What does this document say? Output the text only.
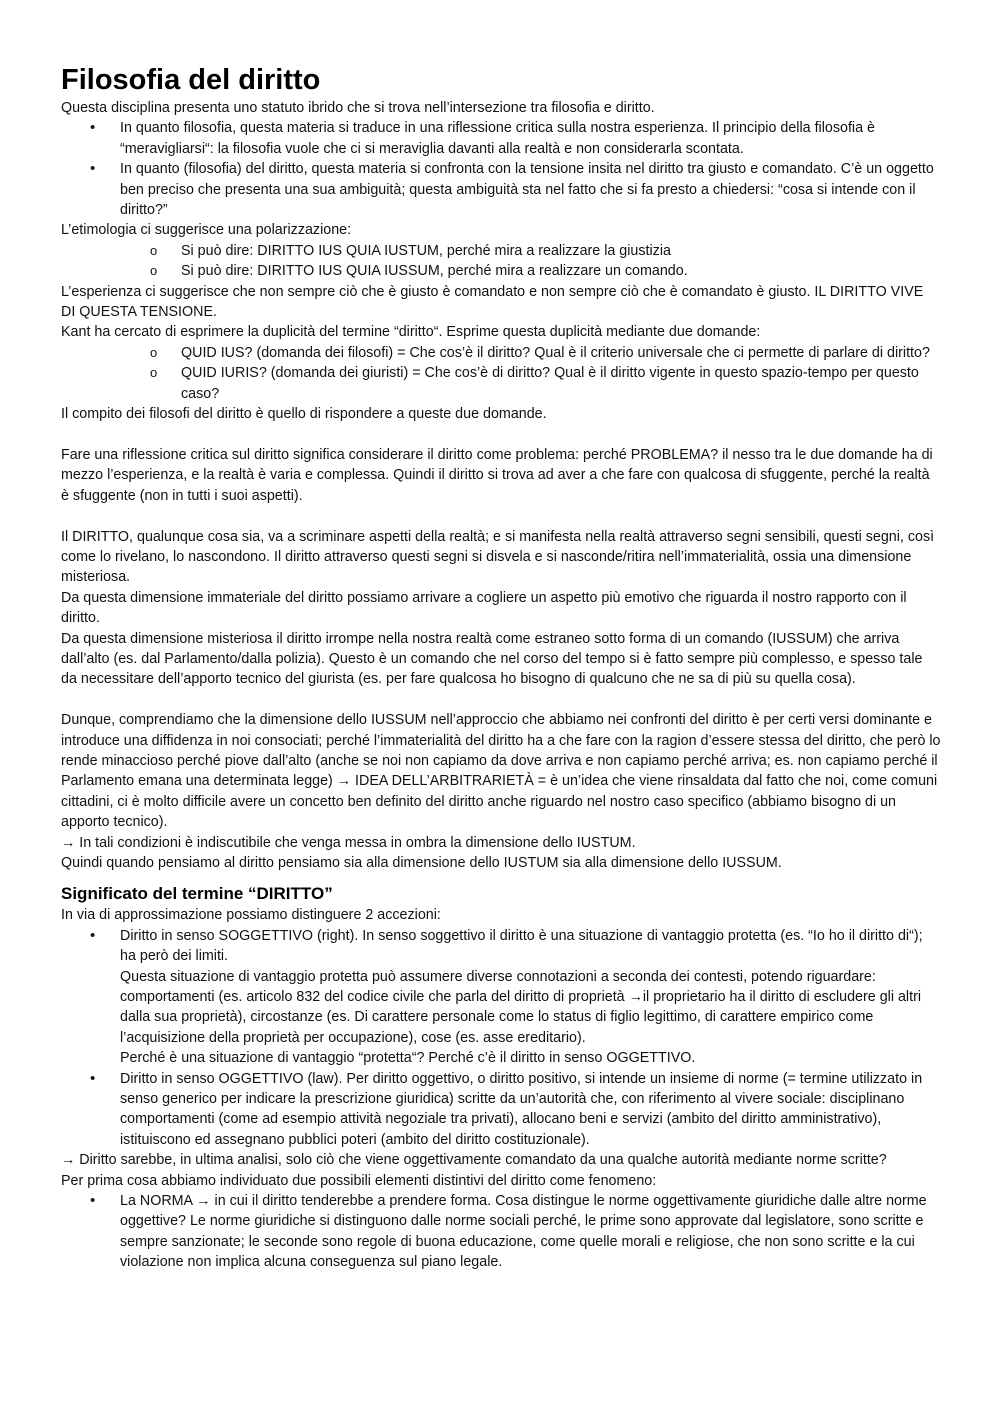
Filosofia del diritto

Questa disciplina presenta uno statuto ibrido che si trova nell’intersezione tra filosofia e diritto.

• In quanto filosofia, questa materia si traduce in una riflessione critica sulla nostra esperienza. Il principio della filosofia è “meravigliarsi“: la filosofia vuole che ci si meraviglia davanti alla realtà e non considerarla scontata.
• In quanto (filosofia) del diritto, questa materia si confronta con la tensione insita nel diritto tra giusto e comandato. C’è un oggetto ben preciso che presenta una sua ambiguità; questa ambiguità sta nel fatto che si fa presto a chiedersi: “cosa si intende con il diritto?”

L’etimologia ci suggerisce una polarizzazione:

o Si può dire: DIRITTO IUS QUIA IUSTUM, perché mira a realizzare la giustizia
o Si può dire: DIRITTO IUS QUIA IUSSUM, perché mira a realizzare un comando.

L’esperienza ci suggerisce che non sempre ciò che è giusto è comandato e non sempre ciò che è comandato è giusto. IL DIRITTO VIVE DI QUESTA TENSIONE.

Kant ha cercato di esprimere la duplicità del termine “diritto“. Esprime questa duplicità mediante due domande:

o QUID IUS? (domanda dei filosofi) = Che cos’è il diritto? Qual è il criterio universale che ci permette di parlare di diritto?
o QUID IURIS? (domanda dei giuristi) = Che cos’è di diritto? Qual è il diritto vigente in questo spazio-tempo per questo caso?

Il compito dei filosofi del diritto è quello di rispondere a queste due domande.

Fare una riflessione critica sul diritto significa considerare il diritto come problema: perché PROBLEMA? il nesso tra le due domande ha di mezzo l’esperienza, e la realtà è varia e complessa. Quindi il diritto si trova ad aver a che fare con qualcosa di sfuggente, perché la realtà è sfuggente (non in tutti i suoi aspetti).

Il DIRITTO, qualunque cosa sia, va a scriminare aspetti della realtà; e si manifesta nella realtà attraverso segni sensibili, questi segni, così come lo rivelano, lo nascondono. Il diritto attraverso questi segni si disvela e si nasconde/ritira nell’immaterialità, ossia una dimensione misteriosa.

Da questa dimensione immateriale del diritto possiamo arrivare a cogliere un aspetto più emotivo che riguarda il nostro rapporto con il diritto.

Da questa dimensione misteriosa il diritto irrompe nella nostra realtà come estraneo sotto forma di un comando (IUSSUM) che arriva dall’alto (es. dal Parlamento/dalla polizia). Questo è un comando che nel corso del tempo si è fatto sempre più complesso, e spesso tale da necessitare dell’apporto tecnico del giurista (es. per fare qualcosa ho bisogno di qualcuno che ne sa di più su quella cosa).

Dunque, comprendiamo che la dimensione dello IUSSUM nell’approccio che abbiamo nei confronti del diritto è per certi versi dominante e introduce una diffidenza in noi consociati; perché l’immaterialità del diritto ha a che fare con la ragion d’essere stessa del diritto, che però lo rende minaccioso perché piove dall’alto (anche se noi non capiamo da dove arriva e non capiamo perché arriva; es. non capiamo perché il Parlamento emana una determinata legge) → IDEA DELL’ARBITRARIETÀ = è un’idea che viene rinsaldata dal fatto che noi, come comuni cittadini, ci è molto difficile avere un concetto ben definito del diritto anche riguardo nel nostro caso specifico (abbiamo bisogno di un apporto tecnico).

→ In tali condizioni è indiscutibile che venga messa in ombra la dimensione dello IUSTUM.

Quindi quando pensiamo al diritto pensiamo sia alla dimensione dello IUSTUM sia alla dimensione dello IUSSUM.

Significato del termine “DIRITTO”

In via di approssimazione possiamo distinguere 2 accezioni:

• Diritto in senso SOGGETTIVO (right). In senso soggettivo il diritto è una situazione di vantaggio protetta (es. “Io ho il diritto di“); ha però dei limiti.
Questa situazione di vantaggio protetta può assumere diverse connotazioni a seconda dei contesti, potendo riguardare: comportamenti (es. articolo 832 del codice civile che parla del diritto di proprietà →il proprietario ha il diritto di escludere gli altri dalla sua proprietà), circostanze (es. Di carattere personale come lo status di figlio legittimo, di carattere empirico come l’acquisizione della proprietà per occupazione), cose (es. asse ereditario).
Perché è una situazione di vantaggio “protetta“? Perché c’è il diritto in senso OGGETTIVO.
• Diritto in senso OGGETTIVO (law). Per diritto oggettivo, o diritto positivo, si intende un insieme di norme (= termine utilizzato in senso generico per indicare la prescrizione giuridica) scritte da un’autorità che, con riferimento al vivere sociale: disciplinano comportamenti (come ad esempio attività negoziale tra privati), allocano beni e servizi (ambito del diritto amministrativo), istituiscono ed assegnano pubblici poteri (ambito del diritto costituzionale).

→ Diritto sarebbe, in ultima analisi, solo ciò che viene oggettivamente comandato da una qualche autorità mediante norme scritte?

Per prima cosa abbiamo individuato due possibili elementi distintivi del diritto come fenomeno:

• La NORMA → in cui il diritto tenderebbe a prendere forma. Cosa distingue le norme oggettivamente giuridiche dalle altre norme oggettive? Le norme giuridiche si distinguono dalle norme sociali perché, le prime sono approvate dal legislatore, sono scritte e sempre sanzionate; le seconde sono regole di buona educazione, come quelle morali e religiose, che non sono scritte e la cui violazione non implica alcuna conseguenza sul piano legale.
